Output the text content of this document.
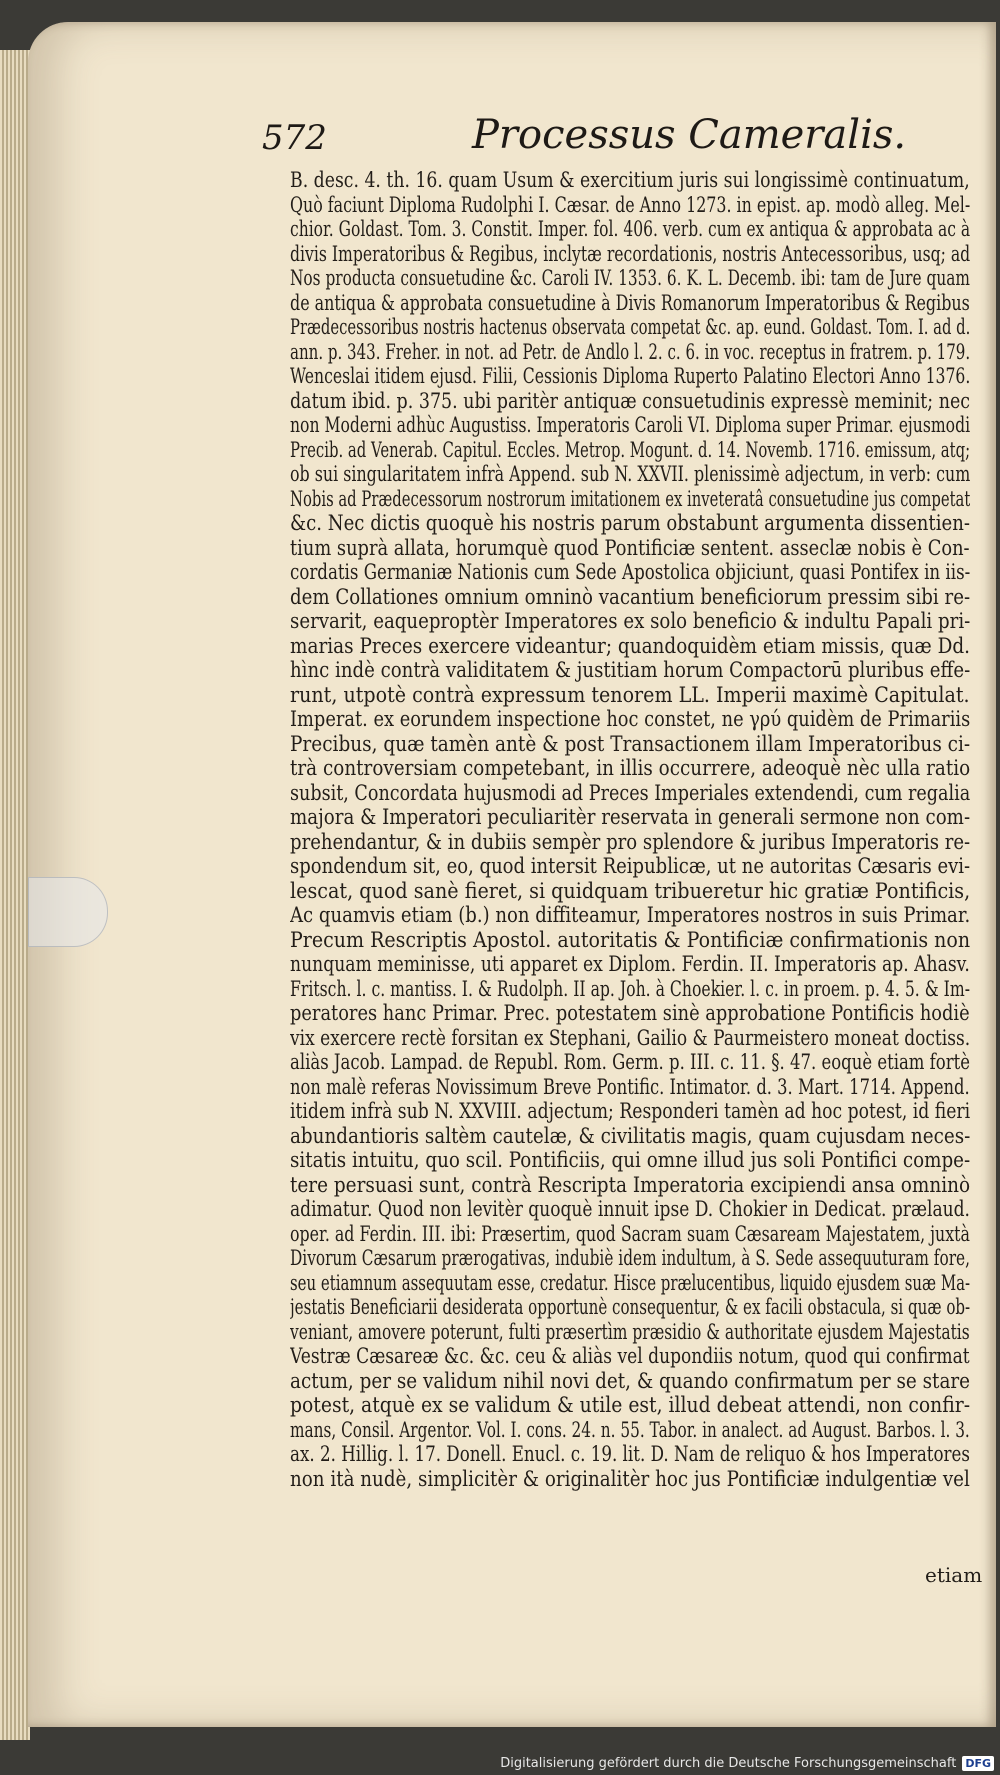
572	Processus Cameralis.
B. desc. 4. th. 16. quam Usum & exercitium juris sui longissimè continuatum,
Quò faciunt Diploma Rudolphi I. Cæsar. de Anno 1273. in epist. ap. modò alleg. Mel-
chior. Goldast. Tom. 3. Constit. Imper. fol. 406. verb. cum ex antiqua & approbata ac à
divis Imperatoribus & Regibus, inclytæ recordationis, nostris Antecessoribus, usq; ad
Nos producta consuetudine &c. Caroli IV. 1353. 6. K. L. Decemb. ibi: tam de Jure quam
de antiqua & approbata consuetudine à Divis Romanorum Imperatoribus & Regibus
Prædecessoribus nostris hactenus observata competat &c. ap. eund. Goldast. Tom. I. ad d.
ann. p. 343. Freher. in not. ad Petr. de Andlo l. 2. c. 6. in voc. receptus in fratrem. p. 179.
Wenceslai itidem ejusd. Filii, Cessionis Diploma Ruperto Palatino Electori Anno 1376.
datum ibid. p. 375. ubi paritèr antiquæ consuetudinis expressè meminit; nec
non Moderni adhùc Augustiss. Imperatoris Caroli VI. Diploma super Primar. ejusmodi
Precib. ad Venerab. Capitul. Eccles. Metrop. Mogunt. d. 14. Novemb. 1716. emissum, atq;
ob sui singularitatem infrà Append. sub N. XXVII. plenissimè adjectum, in verb: cum
Nobis ad Prædecessorum nostrorum imitationem ex inveteratâ consuetudine jus competat
&c. Nec dictis quoquè his nostris parum obstabunt argumenta dissentien-
tium suprà allata, horumquè quod Pontificiæ sentent. asseclæ nobis è Con-
cordatis Germaniæ Nationis cum Sede Apostolica objiciunt, quasi Pontifex in iis-
dem Collationes omnium omninò vacantium beneficiorum pressim sibi re-
servarit, eaqueproptèr Imperatores ex solo beneficio & indultu Papali pri-
marias Preces exercere videantur; quandoquidèm etiam missis, quæ Dd.
hìnc indè contrà validitatem & justitiam horum Compactorū pluribus effe-
runt, utpotè contrà expressum tenorem LL. Imperii maximè Capitulat.
Imperat. ex eorundem inspectione hoc constet, ne γρύ quidèm de Primariis
Precibus, quæ tamèn antè & post Transactionem illam Imperatoribus ci-
trà controversiam competebant, in illis occurrere, adeoquè nèc ulla ratio
subsit, Concordata hujusmodi ad Preces Imperiales extendendi, cum regalia
majora & Imperatori peculiaritèr reservata in generali sermone non com-
prehendantur, & in dubiis sempèr pro splendore & juribus Imperatoris re-
spondendum sit, eo, quod intersit Reipublicæ, ut ne autoritas Cæsaris evi-
lescat, quod sanè fieret, si quidquam tribueretur hic gratiæ Pontificis,
Ac quamvis etiam (b.) non diffiteamur, Imperatores nostros in suis Primar.
Precum Rescriptis Apostol. autoritatis & Pontificiæ confirmationis non
nunquam meminisse, uti apparet ex Diplom. Ferdin. II. Imperatoris ap. Ahasv.
Fritsch. l. c. mantiss. I. & Rudolph. II ap. Joh. à Choekier. l. c. in proem. p. 4. 5. & Im-
peratores hanc Primar. Prec. potestatem sinè approbatione Pontificis hodiè
vix exercere rectè forsitan ex Stephani, Gailio & Paurmeistero moneat doctiss.
aliàs Jacob. Lampad. de Republ. Rom. Germ. p. III. c. 11. §. 47. eoquè etiam fortè
non malè referas Novissimum Breve Pontific. Intimator. d. 3. Mart. 1714. Append.
itidem infrà sub N. XXVIII. adjectum; Responderi tamèn ad hoc potest, id fieri
abundantioris saltèm cautelæ, & civilitatis magis, quam cujusdam neces-
sitatis intuitu, quo scil. Pontificiis, qui omne illud jus soli Pontifici compe-
tere persuasi sunt, contrà Rescripta Imperatoria excipiendi ansa omninò
adimatur. Quod non levitèr quoquè innuit ipse D. Chokier in Dedicat. prælaud.
oper. ad Ferdin. III. ibi: Præsertim, quod Sacram suam Cæsaream Majestatem, juxtà
Divorum Cæsarum prærogativas, indubiè idem indultum, à S. Sede assequuturam fore,
seu etiamnum assequutam esse, credatur. Hisce prælucentibus, liquido ejusdem suæ Ma-
jestatis Beneficiarii desiderata opportunè consequentur, & ex facili obstacula, si quæ ob-
veniant, amovere poterunt, fulti præsertìm præsidio & authoritate ejusdem Majestatis
Vestræ Cæsareæ &c. &c. ceu & aliàs vel dupondiis notum, quod qui confirmat
actum, per se validum nihil novi det, & quando confirmatum per se stare
potest, atquè ex se validum & utile est, illud debeat attendi, non confir-
mans, Consil. Argentor. Vol. I. cons. 24. n. 55. Tabor. in analect. ad August. Barbos. l. 3.
ax. 2. Hillig. l. 17. Donell. Enucl. c. 19. lit. D. Nam de reliquo & hos Imperatores
non ità nudè, simplicitèr & originalitèr hoc jus Pontificiæ indulgentiæ vel
etiam
Digitalisierung gefördert durch die Deutsche Forschungsgemeinschaft DFG
